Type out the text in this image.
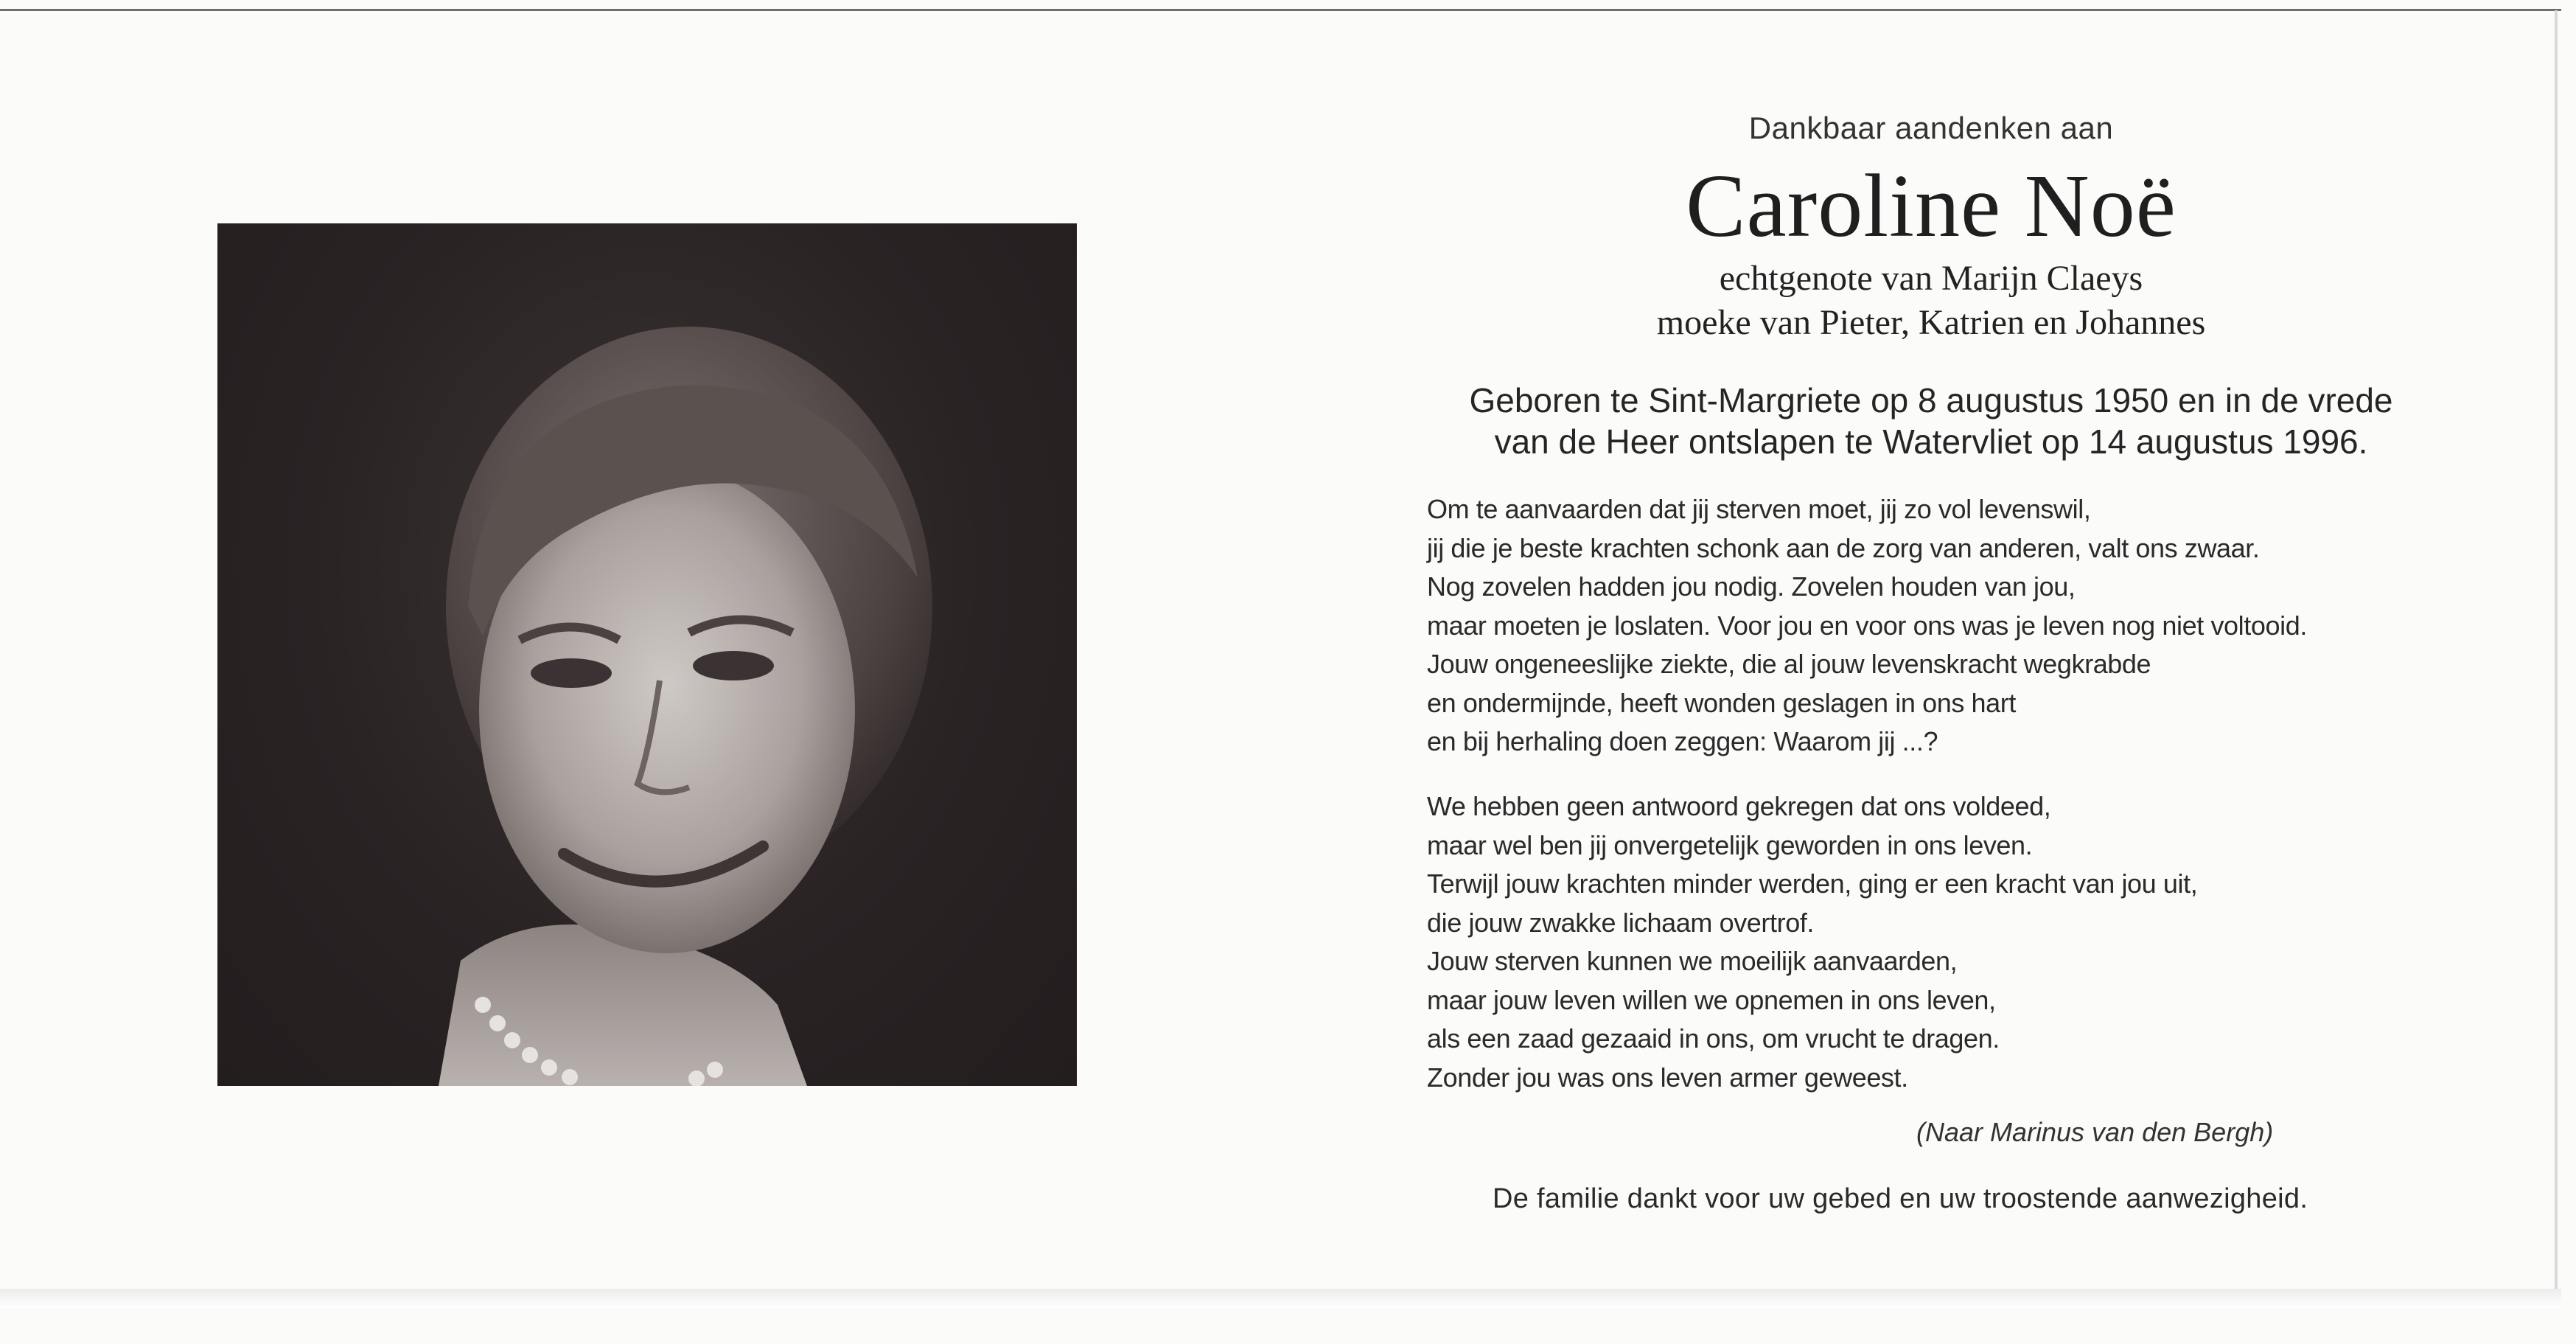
Dankbaar aandenken aan
Caroline Noë
echtgenote van Marijn Claeys
moeke van Pieter, Katrien en Johannes
Geboren te Sint-Margriete op 8 augustus 1950 en in de vrede
van de Heer ontslapen te Watervliet op 14 augustus 1996.
Om te aanvaarden dat jij sterven moet, jij zo vol levenswil,
jij die je beste krachten schonk aan de zorg van anderen, valt ons zwaar.
Nog zovelen hadden jou nodig. Zovelen houden van jou,
maar moeten je loslaten. Voor jou en voor ons was je leven nog niet voltooid.
Jouw ongeneeslijke ziekte, die al jouw levenskracht wegkrabde
en ondermijnde, heeft wonden geslagen in ons hart
en bij herhaling doen zeggen: Waarom jij ...?
We hebben geen antwoord gekregen dat ons voldeed,
maar wel ben jij onvergetelijk geworden in ons leven.
Terwijl jouw krachten minder werden, ging er een kracht van jou uit,
die jouw zwakke lichaam overtrof.
Jouw sterven kunnen we moeilijk aanvaarden,
maar jouw leven willen we opnemen in ons leven,
als een zaad gezaaid in ons, om vrucht te dragen.
Zonder jou was ons leven armer geweest.
(Naar Marinus van den Bergh)
De familie dankt voor uw gebed en uw troostende aanwezigheid.
